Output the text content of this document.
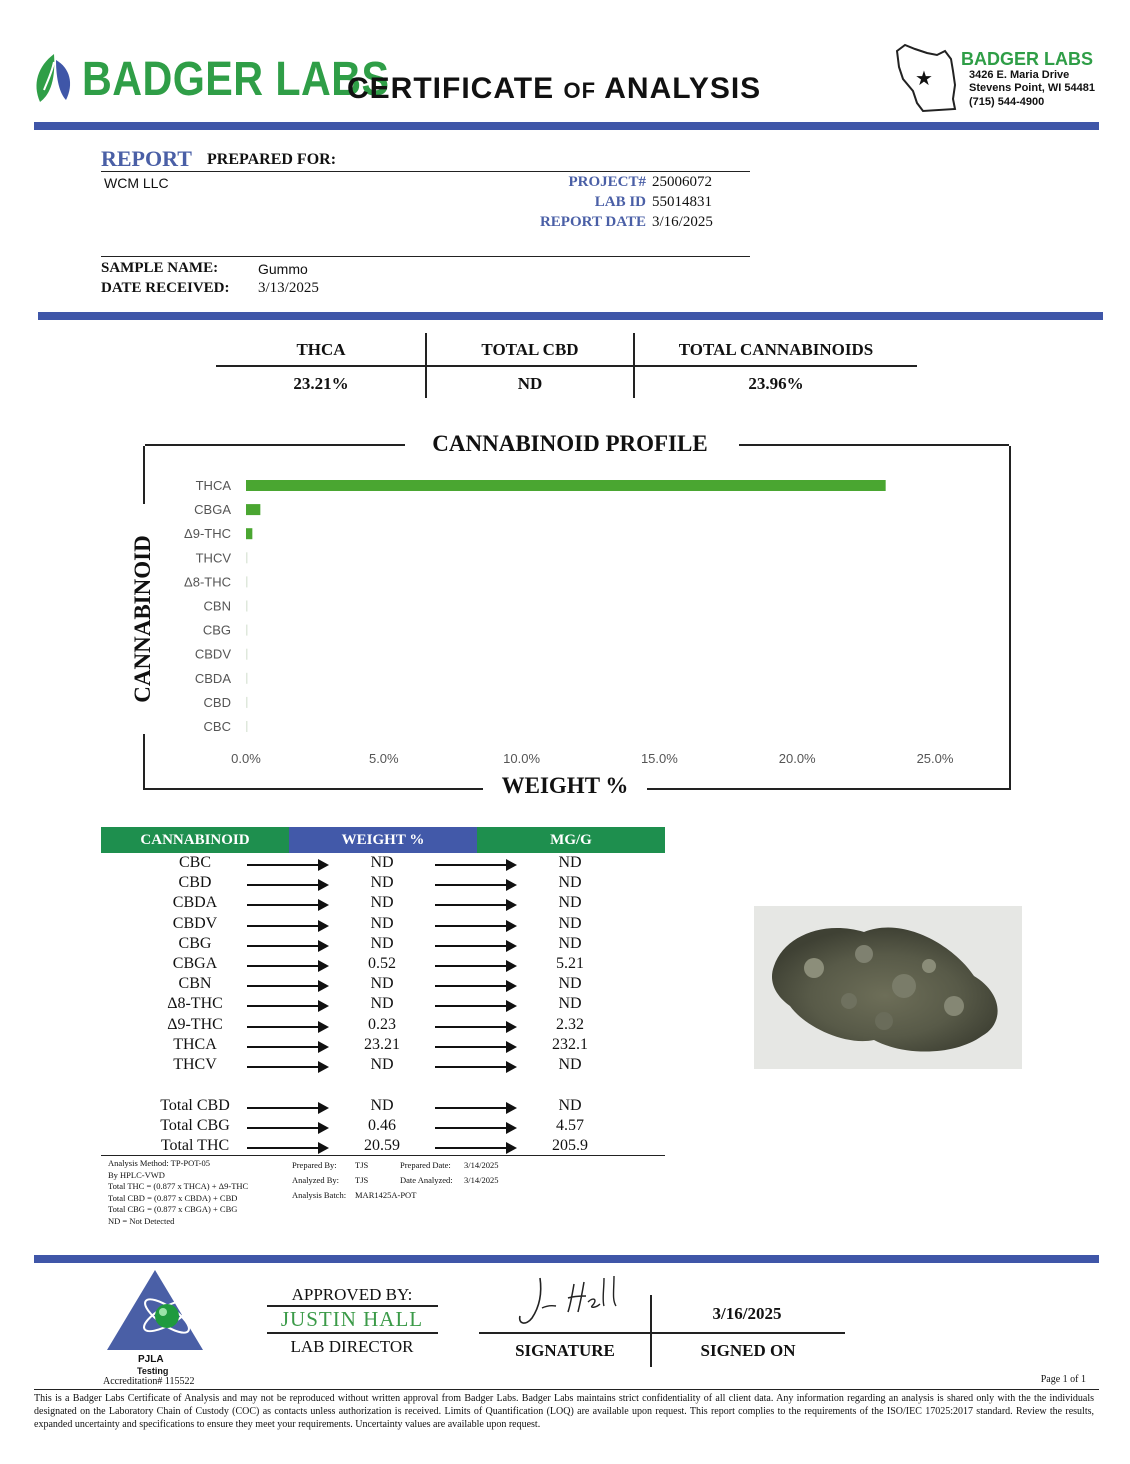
BADGER LABS
CERTIFICATE OF ANALYSIS	★
BADGER LABS
3426 E. Maria Drive
Stevens Point, WI 54481
(715) 544-4900
REPORT PREPARED FOR:
WCM LLC	PROJECT# 25006072
LAB ID 55014831
REPORT DATE 3/16/2025
SAMPLE NAME:	Gummo
DATE RECEIVED: 3/13/2025
THCA	TOTAL CBD	TOTAL CANNABINOIDS
23.21%	ND	23.96%
CANNABINOID PROFILE
CANNABINOID
WEIGHT %
THCA
CBGA
Δ9-THC
THCV
Δ8-THC
CBN
CBG
CBDV
CBDA
CBD
CBC
0.0%	5.0%	10.0%	15.0%	20.0%	25.0%
CANNABINOID	WEIGHT %	MG/G
CBC	ND	ND
CBD	ND	ND
CBDA	ND	ND
CBDV	ND	ND
CBG	ND	ND
CBGA	0.52	5.21
CBN	ND	ND
Δ8-THC	ND	ND
Δ9-THC	0.23	2.32
THCA	23.21	232.1
THCV	ND	ND
Total CBD	ND	ND
Total CBG	0.46	4.57
Total THC	20.59	205.9
Analysis Method: TP-POT-05
By HPLC-VWD
Total THC = (0.877 x THCA) + Δ9-THC
Total CBD = (0.877 x CBDA) + CBD
Total CBG = (0.877 x CBGA) + CBG
ND = Not Detected
Prepared By: TJS	Prepared Date: 3/14/2025
Analyzed By: TJS	Date Analyzed: 3/14/2025
Analysis Batch: MAR1425A-POT
PJLA
Testing
Accreditation# 115522
APPROVED BY:
JUSTIN HALL
LAB DIRECTOR
3/16/2025
SIGNATURE	SIGNED ON
Page 1 of 1
This is a Badger Labs Certificate of Analysis and may not be reproduced without written approval from Badger Labs. Badger Labs maintains strict confidentiality of all client data. Any information regarding an analysis is shared only with the the individuals designated on the Laboratory Chain of Custody (COC) as contacts unless authorization is received. Limits of Quantification (LOQ) are available upon request. This report complies to the requirements of the ISO/IEC 17025:2017 standard. Review the results, expanded uncertainty and specifications to ensure they meet your requirements. Uncertainty values are available upon request.
